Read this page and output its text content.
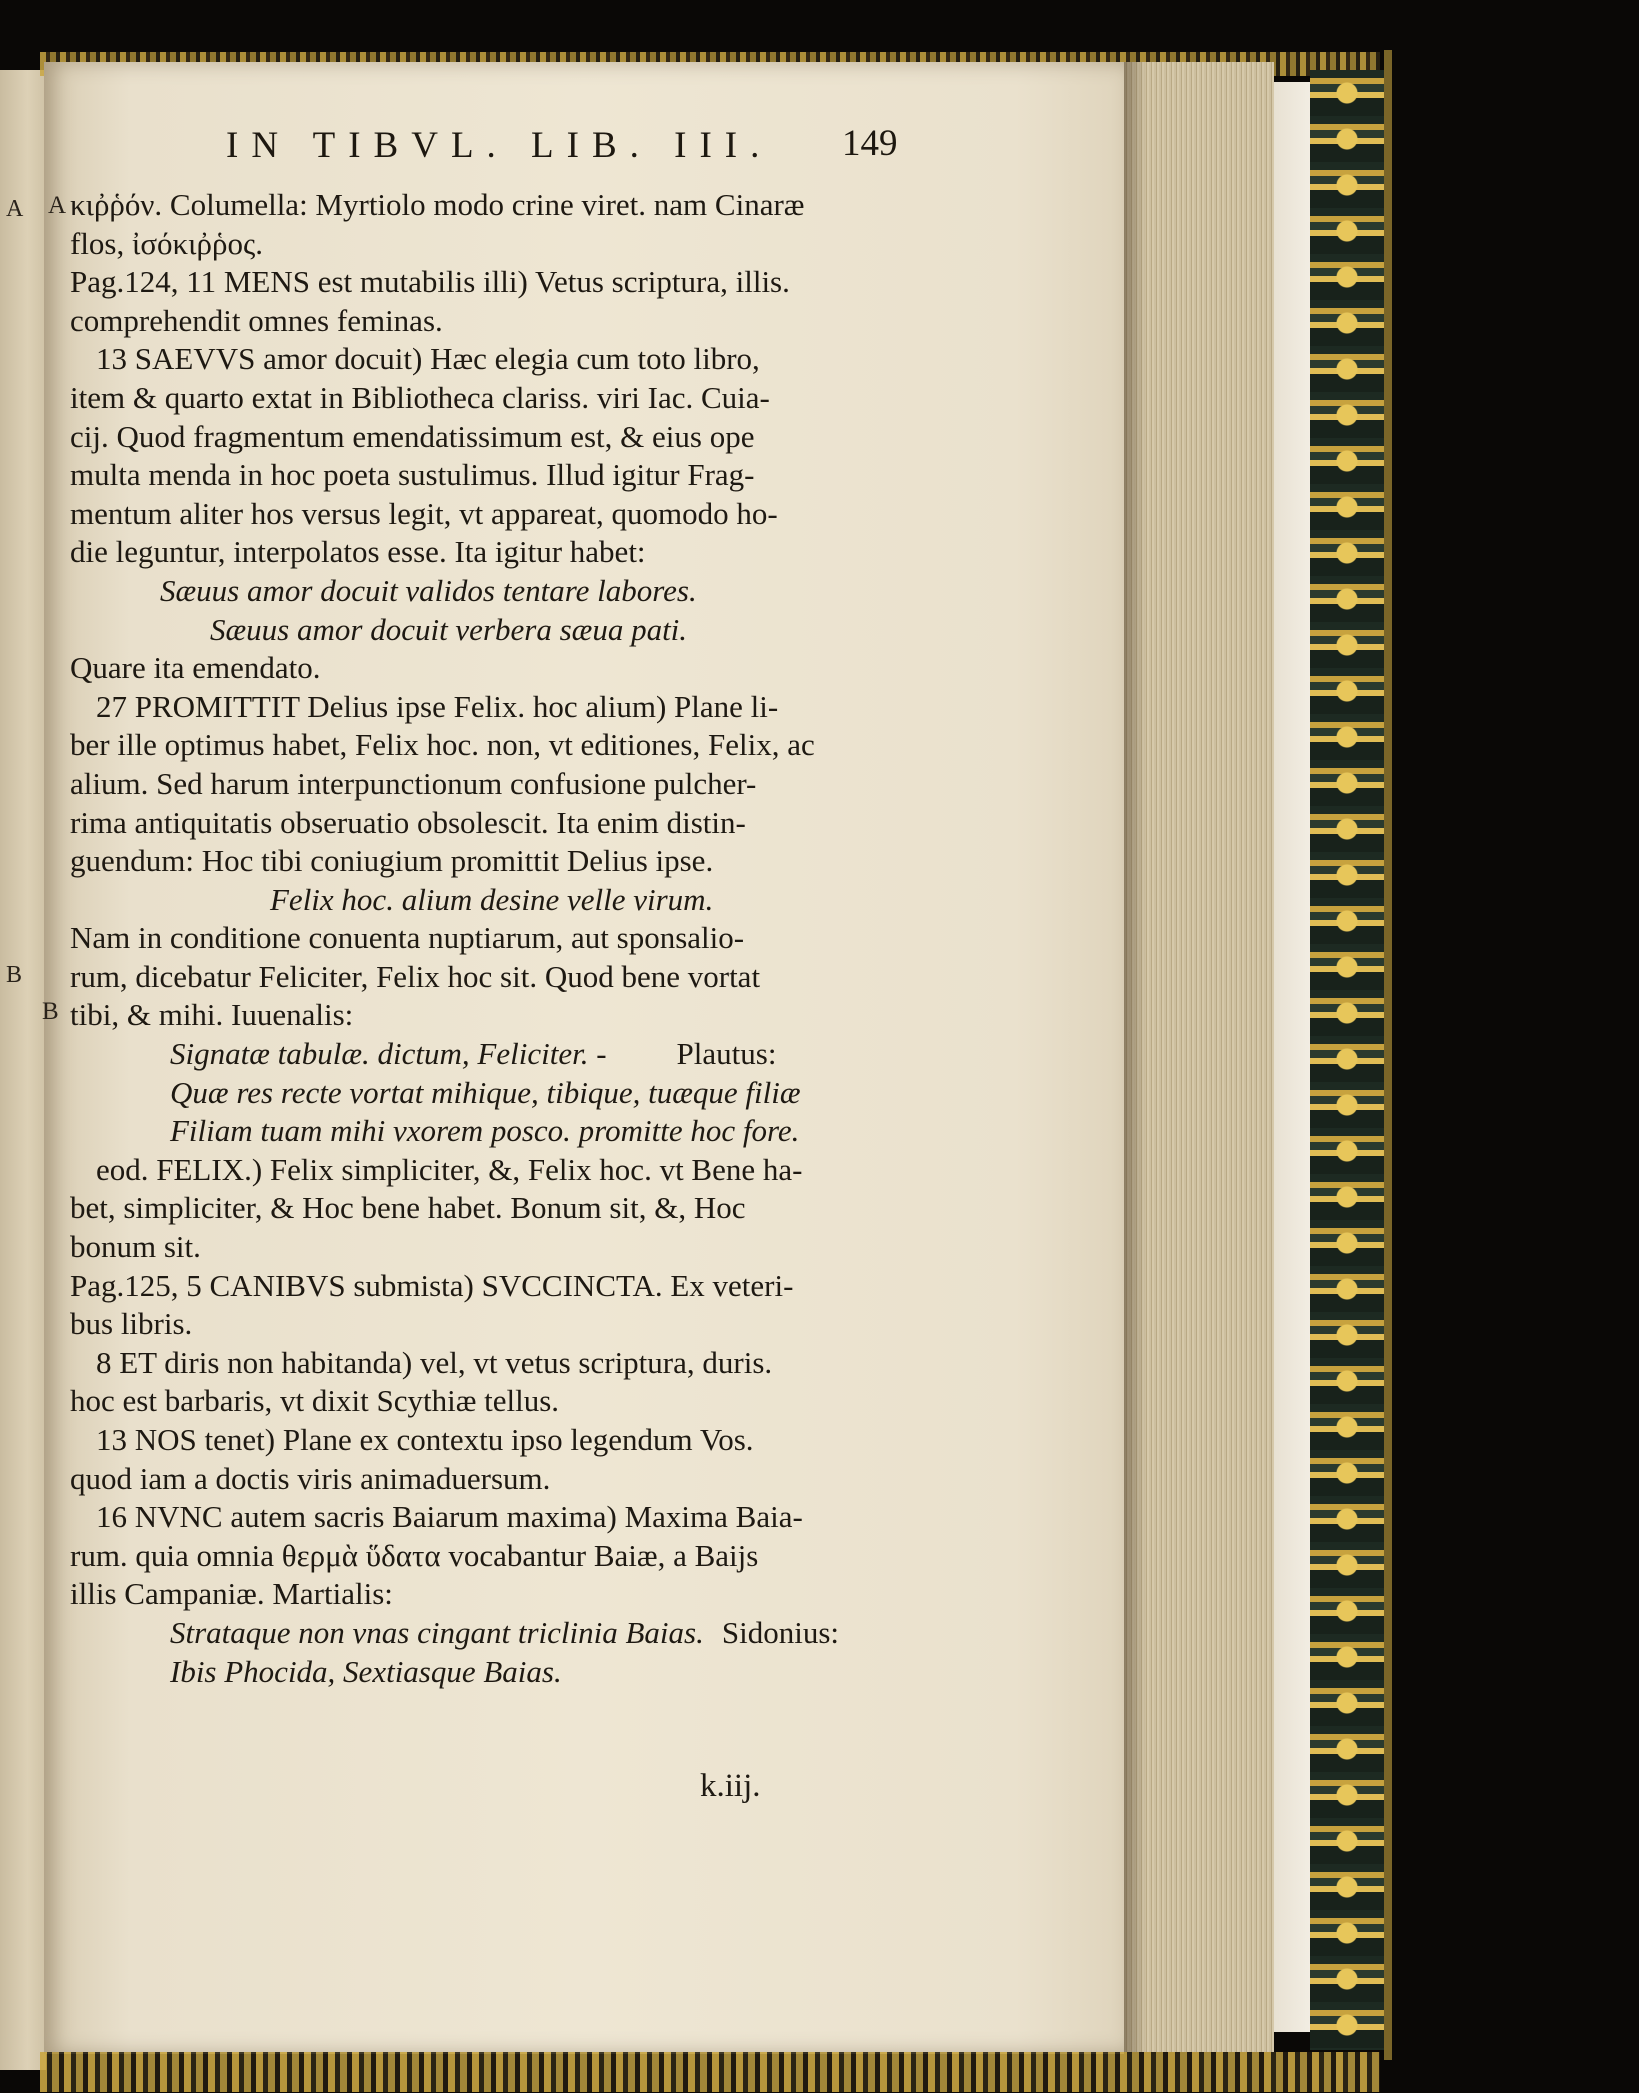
A
B
IN TIBVL. LIB. III. 149
A
B
κιῤῥόν. Columella: Myrtiolo modo crine viret. nam Cinaræ
flos, ἰσόκιῤῥος.
Pag.124, 11 MENS est mutabilis illi) Vetus scriptura, illis.
comprehendit omnes feminas.
13 SAEVVS amor docuit) Hæc elegia cum toto libro,
item & quarto extat in Bibliotheca clariss. viri Iac. Cuia-
cij. Quod fragmentum emendatissimum est, & eius ope
multa menda in hoc poeta sustulimus. Illud igitur Frag-
mentum aliter hos versus legit, vt appareat, quomodo ho-
die leguntur, interpolatos esse. Ita igitur habet:
Sæuus amor docuit validos tentare labores.
Sæuus amor docuit verbera sæua pati.
Quare ita emendato.
27 PROMITTIT Delius ipse Felix. hoc alium) Plane li-
ber ille optimus habet, Felix hoc. non, vt editiones, Felix, ac
alium. Sed harum interpunctionum confusione pulcher-
rima antiquitatis obseruatio obsolescit. Ita enim distin-
guendum: Hoc tibi coniugium promittit Delius ipse.
Felix hoc. alium desine velle virum.
Nam in conditione conuenta nuptiarum, aut sponsalio-
rum, dicebatur Feliciter, Felix hoc sit. Quod bene vortat
tibi, & mihi. Iuuenalis:
Signatæ tabulæ. dictum, Feliciter. - Plautus:
Quæ res recte vortat mihique, tibique, tuæque filiæ
Filiam tuam mihi vxorem posco. promitte hoc fore.
eod. FELIX.) Felix simpliciter, &, Felix hoc. vt Bene ha-
bet, simpliciter, & Hoc bene habet. Bonum sit, &, Hoc
bonum sit.
Pag.125, 5 CANIBVS submista) SVCCINCTA. Ex veteri-
bus libris.
8 ET diris non habitanda) vel, vt vetus scriptura, duris.
hoc est barbaris, vt dixit Scythiæ tellus.
13 NOS tenet) Plane ex contextu ipso legendum Vos.
quod iam a doctis viris animaduersum.
16 NVNC autem sacris Baiarum maxima) Maxima Baia-
rum. quia omnia θερμὰ ὕδατα vocabantur Baiæ, a Baijs
illis Campaniæ. Martialis:
Strataque non vnas cingant triclinia Baias. Sidonius:
Ibis Phocida, Sextiasque Baias.
k.iij.
